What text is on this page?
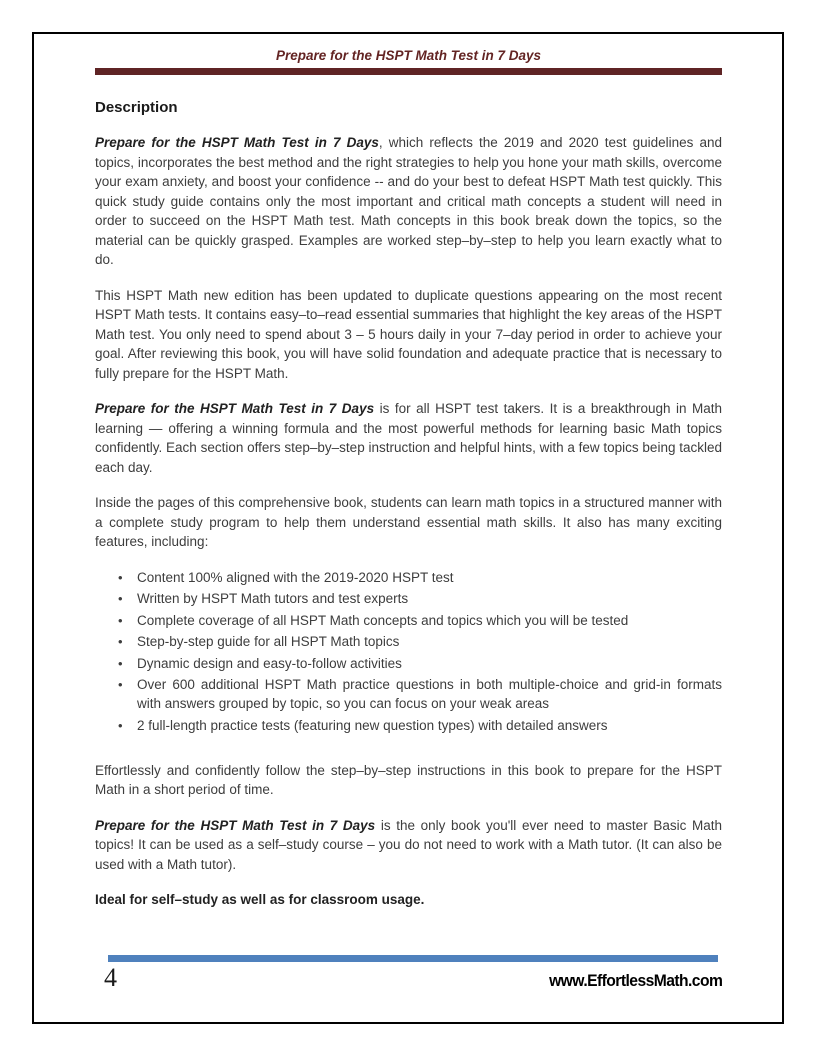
Prepare for the HSPT Math Test in 7 Days
Description

Prepare for the HSPT Math Test in 7 Days, which reflects the 2019 and 2020 test guidelines and topics, incorporates the best method and the right strategies to help you hone your math skills, overcome your exam anxiety, and boost your confidence -- and do your best to defeat HSPT Math test quickly. This quick study guide contains only the most important and critical math concepts a student will need in order to succeed on the HSPT Math test. Math concepts in this book break down the topics, so the material can be quickly grasped. Examples are worked step–by–step to help you learn exactly what to do.

This HSPT Math new edition has been updated to duplicate questions appearing on the most recent HSPT Math tests. It contains easy–to–read essential summaries that highlight the key areas of the HSPT Math test. You only need to spend about 3 – 5 hours daily in your 7–day period in order to achieve your goal. After reviewing this book, you will have solid foundation and adequate practice that is necessary to fully prepare for the HSPT Math.

Prepare for the HSPT Math Test in 7 Days is for all HSPT test takers. It is a breakthrough in Math learning — offering a winning formula and the most powerful methods for learning basic Math topics confidently. Each section offers step–by–step instruction and helpful hints, with a few topics being tackled each day.

Inside the pages of this comprehensive book, students can learn math topics in a structured manner with a complete study program to help them understand essential math skills. It also has many exciting features, including:

• Content 100% aligned with the 2019-2020 HSPT test
• Written by HSPT Math tutors and test experts
• Complete coverage of all HSPT Math concepts and topics which you will be tested
• Step-by-step guide for all HSPT Math topics
• Dynamic design and easy-to-follow activities
• Over 600 additional HSPT Math practice questions in both multiple-choice and grid-in formats with answers grouped by topic, so you can focus on your weak areas
• 2 full-length practice tests (featuring new question types) with detailed answers

Effortlessly and confidently follow the step–by–step instructions in this book to prepare for the HSPT Math in a short period of time.

Prepare for the HSPT Math Test in 7 Days is the only book you'll ever need to master Basic Math topics! It can be used as a self–study course – you do not need to work with a Math tutor. (It can also be used with a Math tutor).

Ideal for self–study as well as for classroom usage.

4	www.EffortlessMath.com
